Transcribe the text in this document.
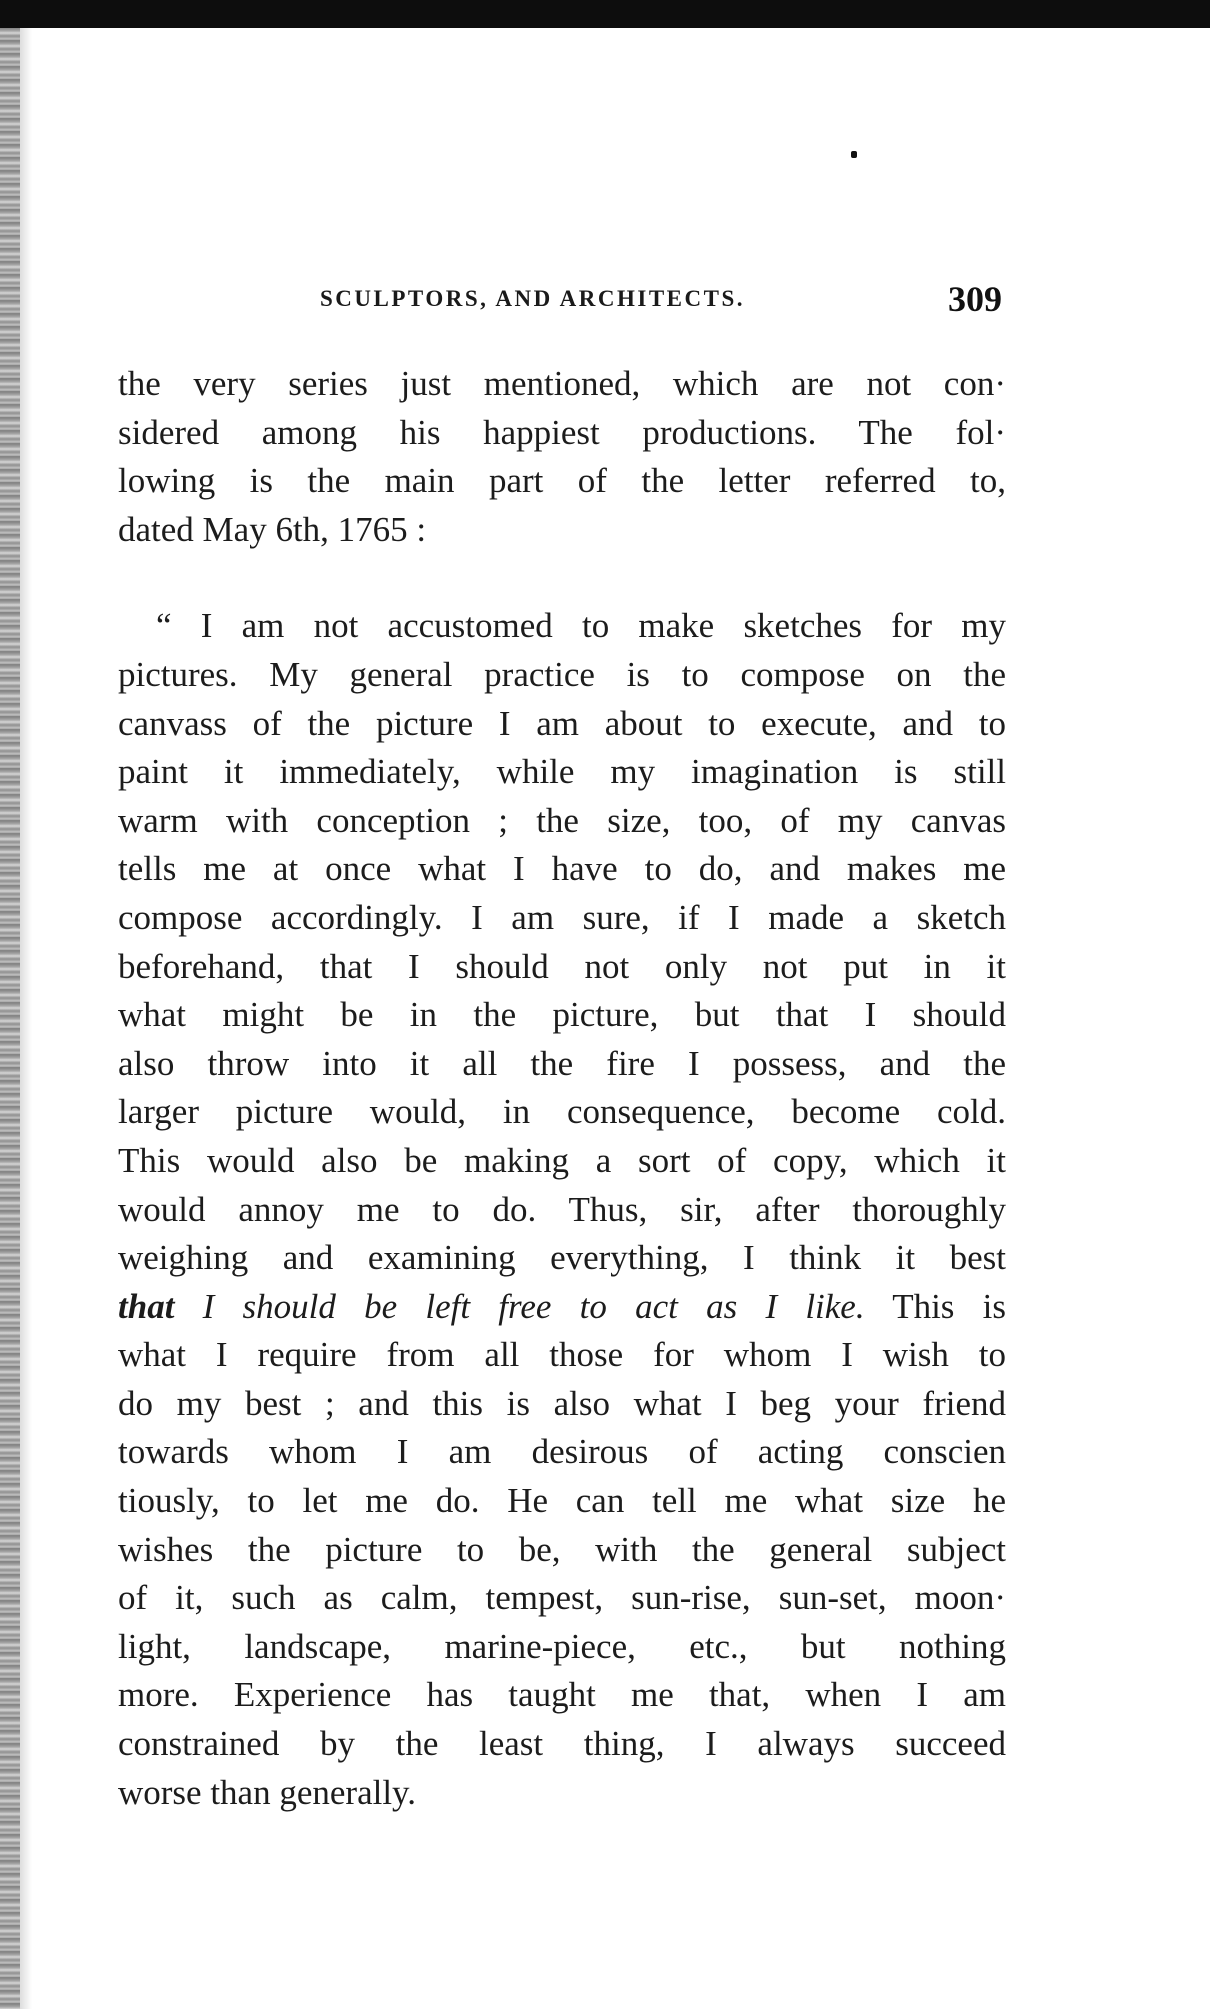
SCULPTORS, AND ARCHITECTS.	309
the very series just mentioned, which are not con·
sidered among his happiest productions. The fol·
lowing is the main part of the letter referred to,
dated May 6th, 1765 :
“ I am not accustomed to make sketches for my
pictures. My general practice is to compose on the
canvass of the picture I am about to execute, and to
paint it immediately, while my imagination is still
warm with conception ; the size, too, of my canvas
tells me at once what I have to do, and makes me
compose accordingly. I am sure, if I made a sketch
beforehand, that I should not only not put in it
what might be in the picture, but that I should
also throw into it all the fire I possess, and the
larger picture would, in consequence, become cold.
This would also be making a sort of copy, which it
would annoy me to do. Thus, sir, after thoroughly
weighing and examining everything, I think it best
that I should be left free to act as I like. This is
what I require from all those for whom I wish to
do my best ; and this is also what I beg your friend
towards whom I am desirous of acting conscien
tiously, to let me do. He can tell me what size he
wishes the picture to be, with the general subject
of it, such as calm, tempest, sun-rise, sun-set, moon·
light, landscape, marine-piece, etc., but nothing
more. Experience has taught me that, when I am
constrained by the least thing, I always succeed
worse than generally.
